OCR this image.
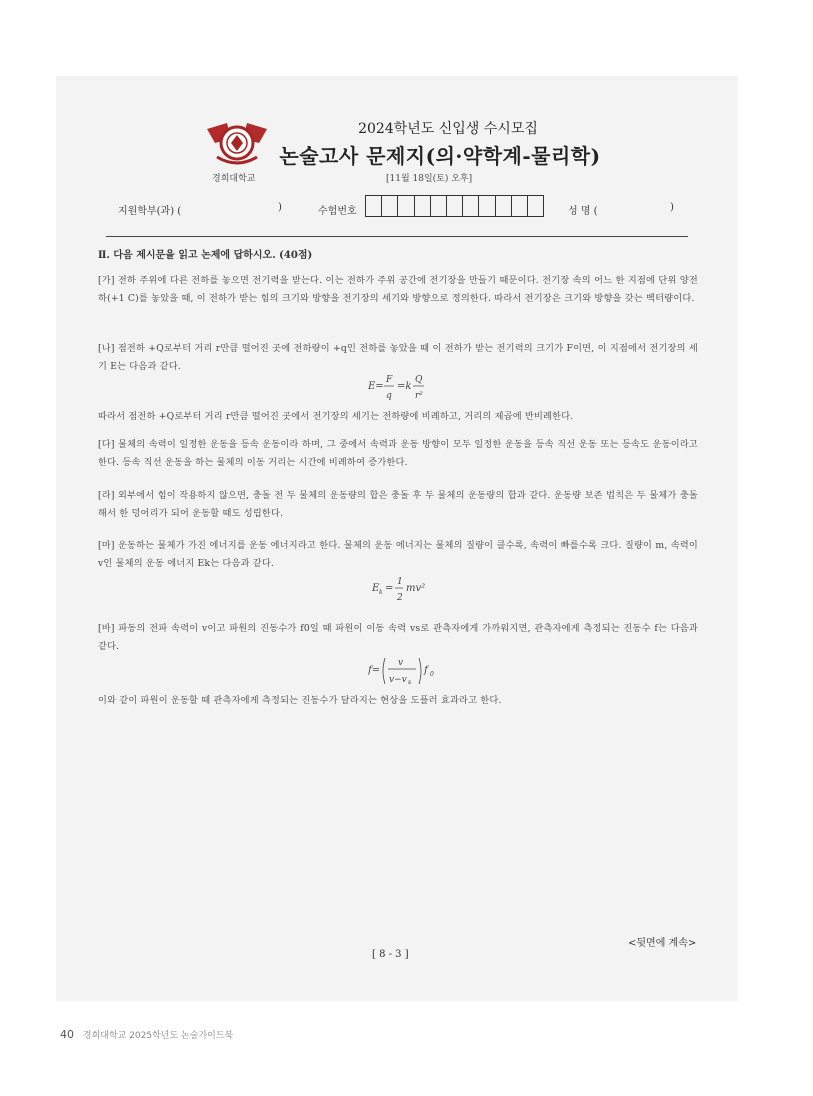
경희대학교
2024학년도 신입생 수시모집
논술고사 문제지(의·약학계-물리학)
[11월 18일(토) 오후]
지원학부(과) (	)	수험번호	성 명 (	)
Ⅱ. 다음 제시문을 읽고 논제에 답하시오. (40점)
[가] 전하 주위에 다른 전하를 놓으면 전기력을 받는다. 이는 전하가 주위 공간에 전기장을 만들기 때문이다. 전기장 속의 어느 한 지점에 단위 양전하(+1 C)를 놓았을 때, 이 전하가 받는 힘의 크기와 방향을 전기장의 세기와 방향으로 정의한다. 따라서 전기장은 크기와 방향을 갖는 벡터량이다.
[나] 점전하 +Q로부터 거리 r만큼 떨어진 곳에 전하량이 +q인 전하를 놓았을 때 이 전하가 받는 전기력의 크기가 F이면, 이 지점에서 전기장의 세기 E는 다음과 같다.
E=
F
q
=k
Q
r²
따라서 점전하 +Q로부터 거리 r만큼 떨어진 곳에서 전기장의 세기는 전하량에 비례하고, 거리의 제곱에 반비례한다.
[다] 물체의 속력이 일정한 운동을 등속 운동이라 하며, 그 중에서 속력과 운동 방향이 모두 일정한 운동을 등속 직선 운동 또는 등속도 운동이라고 한다. 등속 직선 운동을 하는 물체의 이동 거리는 시간에 비례하여 증가한다.
[라] 외부에서 힘이 작용하지 않으면, 충돌 전 두 물체의 운동량의 합은 충돌 후 두 물체의 운동량의 합과 같다. 운동량 보존 법칙은 두 물체가 충돌해서 한 덩어리가 되어 운동할 때도 성립한다.
[마] 운동하는 물체가 가진 에너지를 운동 에너지라고 한다. 물체의 운동 에너지는 물체의 질량이 클수록, 속력이 빠를수록 크다. 질량이 m, 속력이 v인 물체의 운동 에너지 Ek는 다음과 같다.
E k =
1
2
mv²
[바] 파동의 전파 속력이 v이고 파원의 진동수가 f0일 때 파원이 이동 속력 vs로 관측자에게 가까워지면, 관측자에게 측정되는 진동수 f는 다음과 같다.
f=
v
v−v s
f 0
이와 같이 파원이 운동할 때 관측자에게 측정되는 진동수가 달라지는 현상을 도플러 효과라고 한다.
<뒷면에 계속>
[ 8 - 3 ]
40 경희대학교 2025학년도 논술가이드북
